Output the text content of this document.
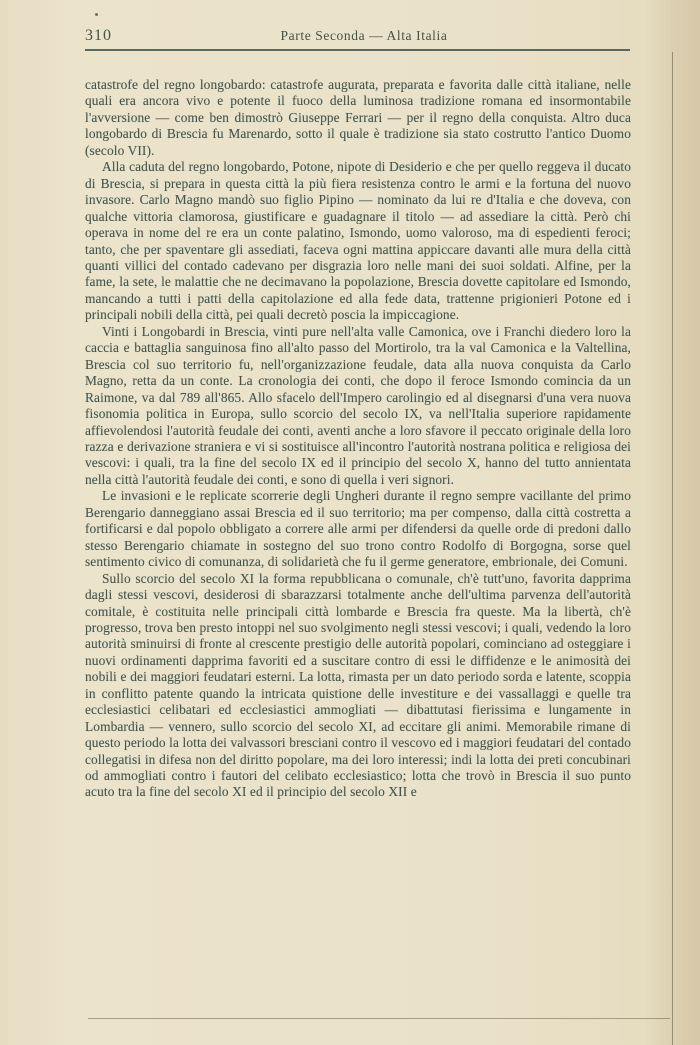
310	Parte Seconda — Alta Italia

catastrofe del regno longobardo: catastrofe augurata, preparata e favorita dalle città italiane, nelle quali era ancora vivo e potente il fuoco della luminosa tradizione romana ed insormontabile l'avversione — come ben dimostrò Giuseppe Ferrari — per il regno della conquista. Altro duca longobardo di Brescia fu Marenardo, sotto il quale è tradizione sia stato costrutto l'antico Duomo (secolo VII).

Alla caduta del regno longobardo, Potone, nipote di Desiderio e che per quello reggeva il ducato di Brescia, si prepara in questa città la più fiera resistenza contro le armi e la fortuna del nuovo invasore. Carlo Magno mandò suo figlio Pipino — nominato da lui re d'Italia e che doveva, con qualche vittoria clamorosa, giustificare e guadagnare il titolo — ad assediare la città. Però chi operava in nome del re era un conte palatino, Ismondo, uomo valoroso, ma di espedienti feroci; tanto, che per spaventare gli assediati, faceva ogni mattina appiccare davanti alle mura della città quanti villici del contado cadevano per disgrazia loro nelle mani dei suoi soldati. Alfine, per la fame, la sete, le malattie che ne decimavano la popolazione, Brescia dovette capitolare ed Ismondo, mancando a tutti i patti della capitolazione ed alla fede data, trattenne prigionieri Potone ed i principali nobili della città, pei quali decretò poscia la impiccagione.

Vinti i Longobardi in Brescia, vinti pure nell'alta valle Camonica, ove i Franchi diedero loro la caccia e battaglia sanguinosa fino all'alto passo del Mortirolo, tra la val Camonica e la Valtellina, Brescia col suo territorio fu, nell'organizzazione feudale, data alla nuova conquista da Carlo Magno, retta da un conte. La cronologia dei conti, che dopo il feroce Ismondo comincia da un Raimone, va dal 789 all'865. Allo sfacelo dell'Impero carolingio ed al disegnarsi d'una vera nuova fisonomia politica in Europa, sullo scorcio del secolo IX, va nell'Italia superiore rapidamente affievolendosi l'autorità feudale dei conti, aventi anche a loro sfavore il peccato originale della loro razza e derivazione straniera e vi si sostituisce all'incontro l'autorità nostrana politica e religiosa dei vescovi: i quali, tra la fine del secolo IX ed il principio del secolo X, hanno del tutto annientata nella città l'autorità feudale dei conti, e sono di quella i veri signori.

Le invasioni e le replicate scorrerie degli Ungheri durante il regno sempre vacillante del primo Berengario danneggiano assai Brescia ed il suo territorio; ma per compenso, dalla città costretta a fortificarsi e dal popolo obbligato a correre alle armi per difendersi da quelle orde di predoni dallo stesso Berengario chiamate in sostegno del suo trono contro Rodolfo di Borgogna, sorse quel sentimento civico di comunanza, di solidarietà che fu il germe generatore, embrionale, dei Comuni.

Sullo scorcio del secolo XI la forma repubblicana o comunale, ch'è tutt'uno, favorita dapprima dagli stessi vescovi, desiderosi di sbarazzarsi totalmente anche dell'ultima parvenza dell'autorità comitale, è costituita nelle principali città lombarde e Brescia fra queste. Ma la libertà, ch'è progresso, trova ben presto intoppi nel suo svolgimento negli stessi vescovi; i quali, vedendo la loro autorità sminuirsi di fronte al crescente prestigio delle autorità popolari, cominciano ad osteggiare i nuovi ordinamenti dapprima favoriti ed a suscitare contro di essi le diffidenze e le animosità dei nobili e dei maggiori feudatari esterni. La lotta, rimasta per un dato periodo sorda e latente, scoppia in conflitto patente quando la intricata quistione delle investiture e dei vassallaggi e quelle tra ecclesiastici celibatari ed ecclesiastici ammogliati — dibattutasi fierissima e lungamente in Lombardia — vennero, sullo scorcio del secolo XI, ad eccitare gli animi. Memorabile rimane di questo periodo la lotta dei valvassori bresciani contro il vescovo ed i maggiori feudatari del contado collegatisi in difesa non del diritto popolare, ma dei loro interessi; indi la lotta dei preti concubinari od ammogliati contro i fautori del celibato ecclesiastico; lotta che trovò in Brescia il suo punto acuto tra la fine del secolo XI ed il principio del secolo XII e
